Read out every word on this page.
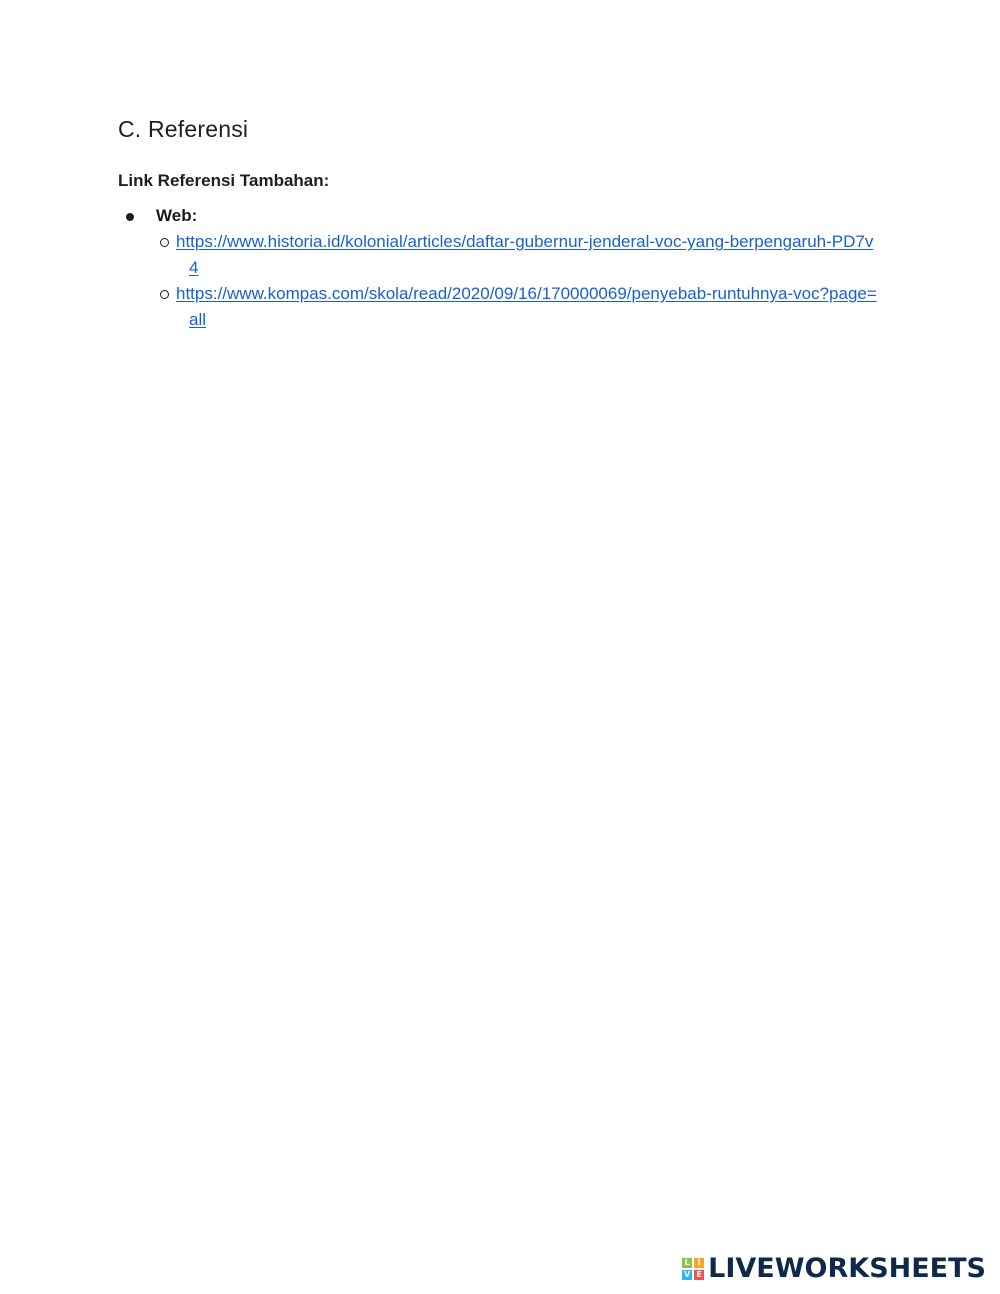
C. Referensi

Link Referensi Tambahan:

Web:
https://www.historia.id/kolonial/articles/daftar-gubernur-jenderal-voc-yang-berpengaruh-PD7v4
https://www.kompas.com/skola/read/2020/09/16/170000069/penyebab-runtuhnya-voc?page=all
L I
V E LIVEWORKSHEETS
